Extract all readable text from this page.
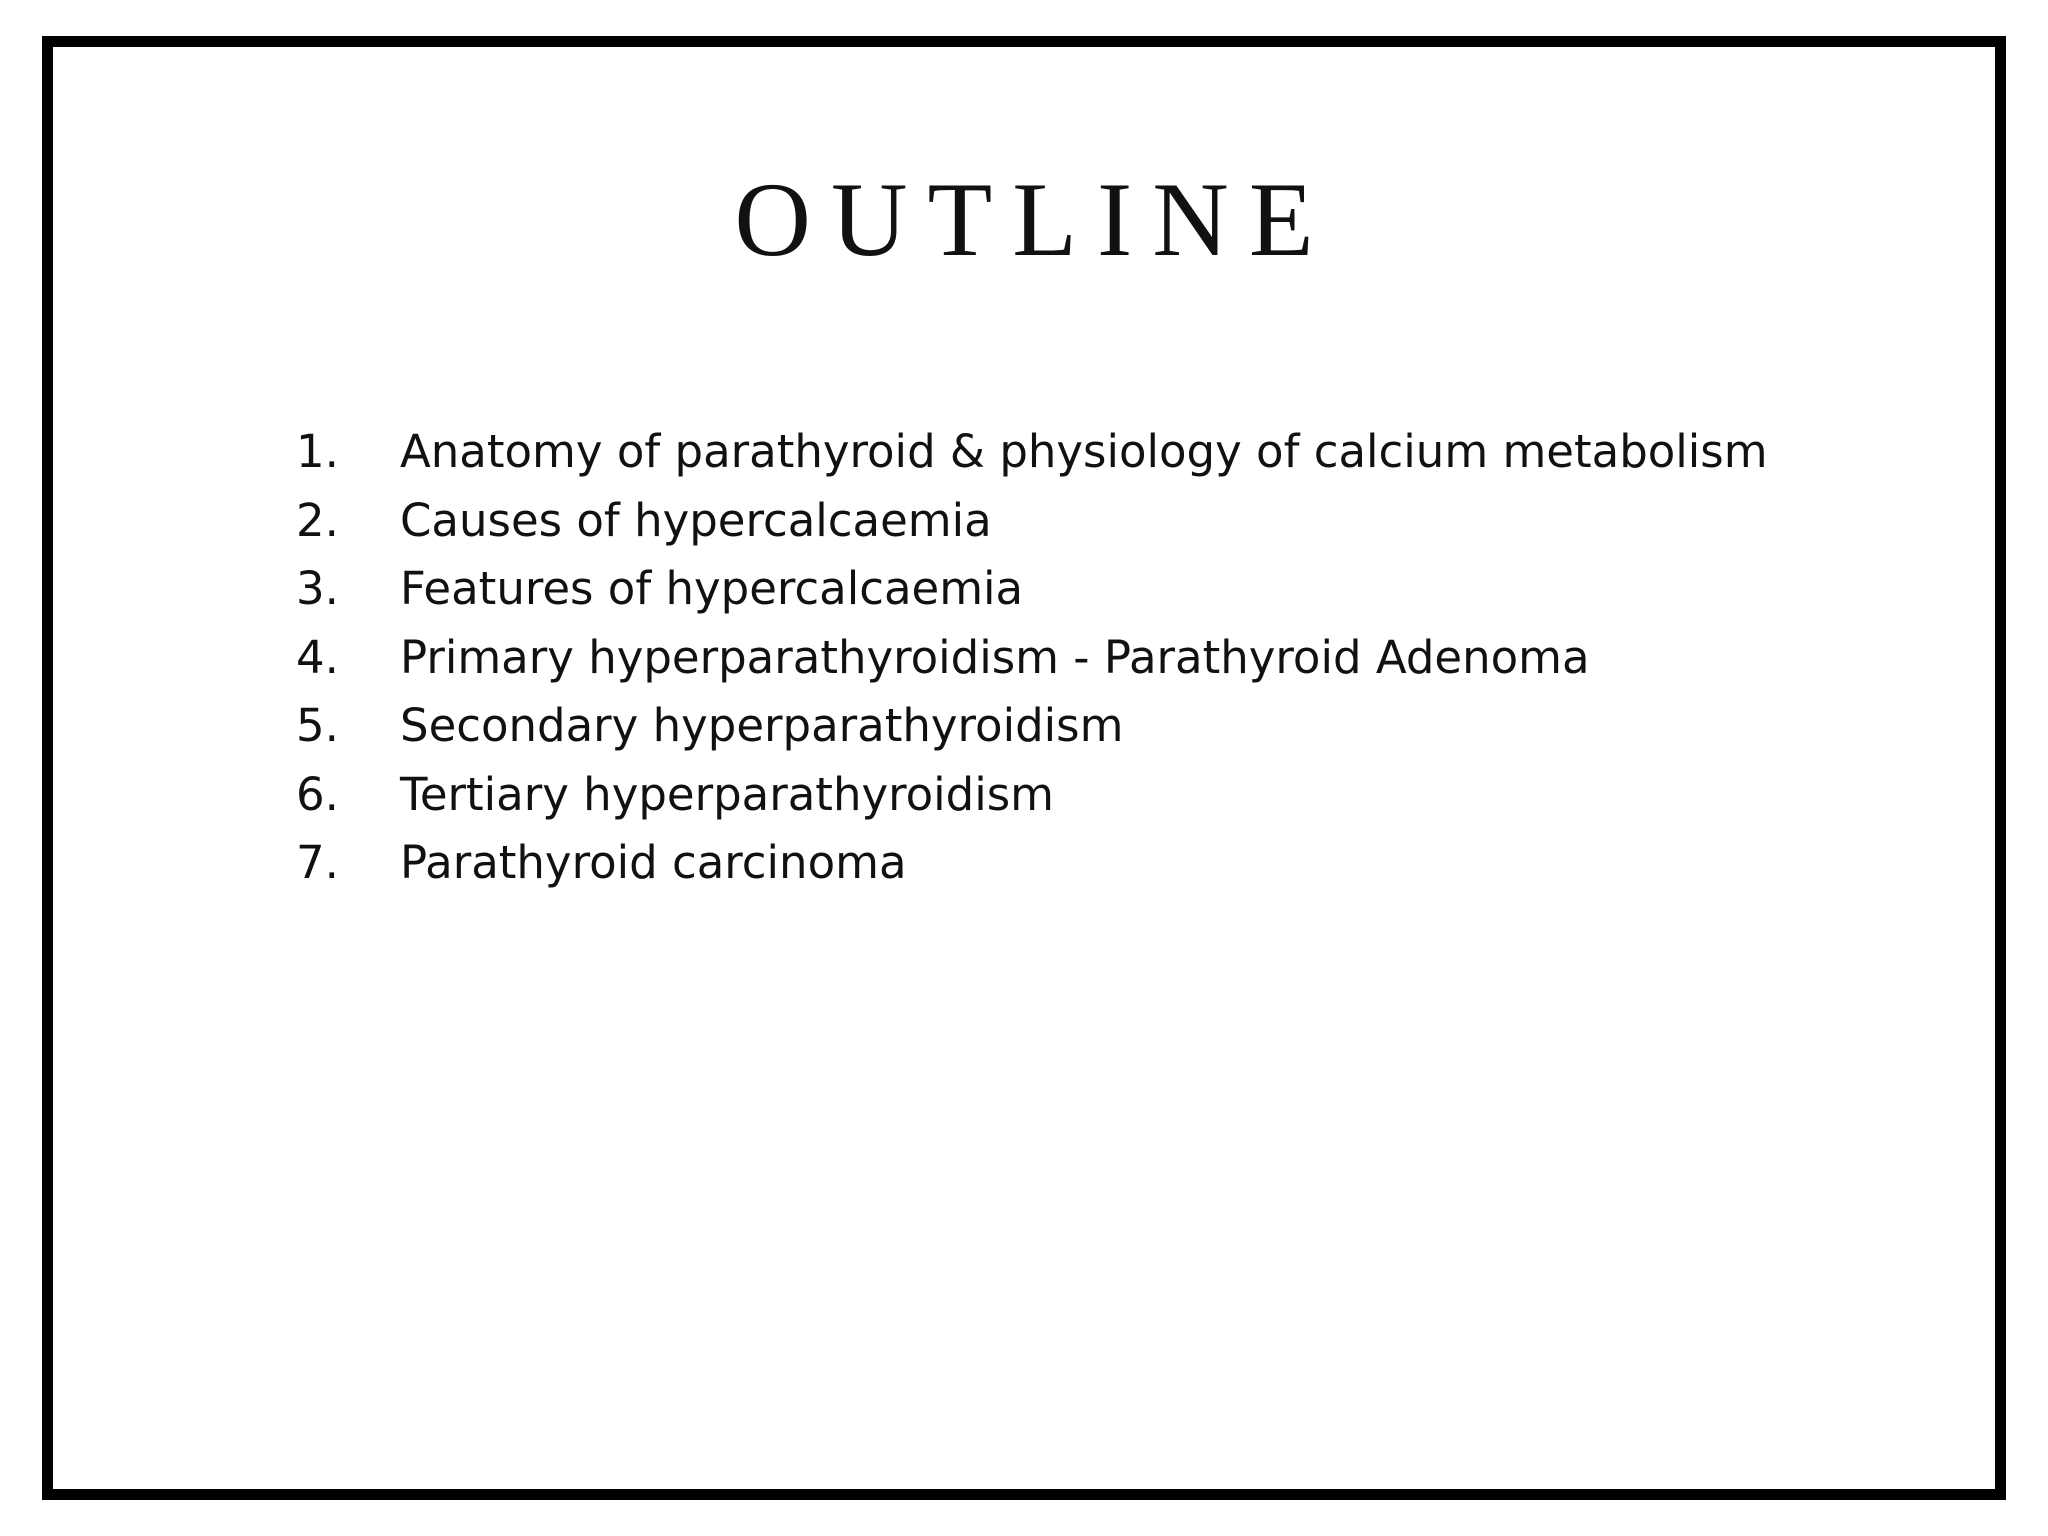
OUTLINE
1.	Anatomy of parathyroid & physiology of calcium metabolism
2.	Causes of hypercalcaemia
3.	Features of hypercalcaemia
4.	Primary hyperparathyroidism - Parathyroid Adenoma
5.	Secondary hyperparathyroidism
6.	Tertiary hyperparathyroidism
7.	Parathyroid carcinoma
